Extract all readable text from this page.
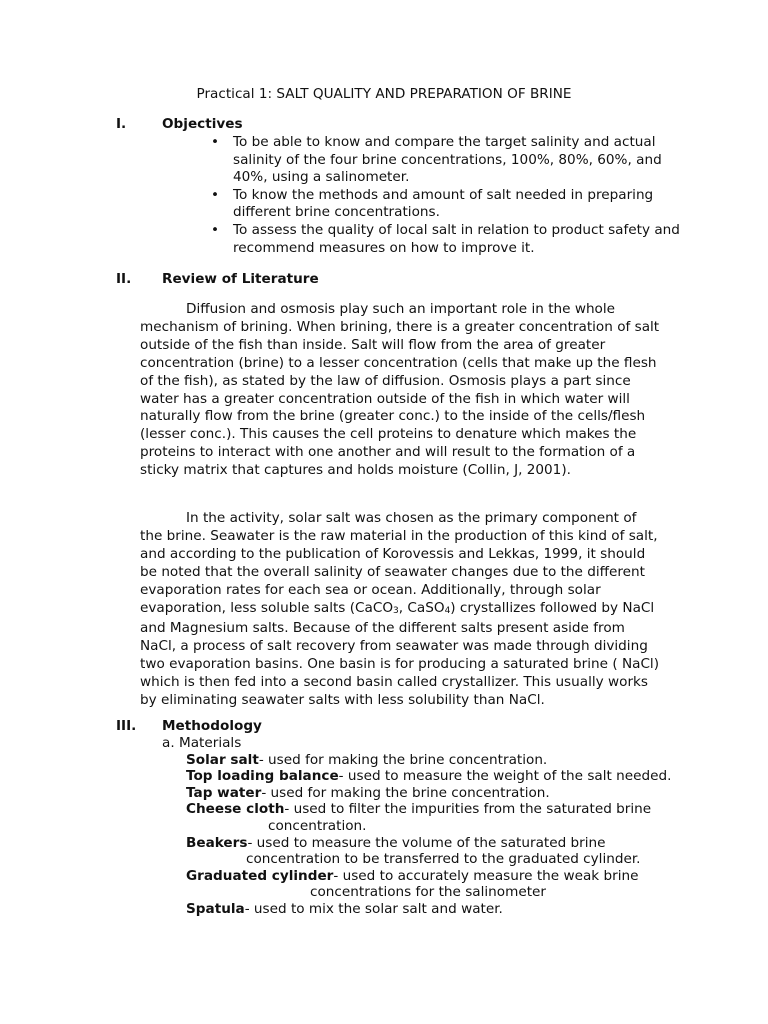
Practical 1: SALT QUALITY AND PREPARATION OF BRINE
I.	Objectives
• To be able to know and compare the target salinity and actual salinity of the four brine concentrations, 100%, 80%, 60%, and 40%, using a salinometer.
• To know the methods and amount of salt needed in preparing different brine concentrations.
• To assess the quality of local salt in relation to product safety and recommend measures on how to improve it.
II. Review of Literature

Diffusion and osmosis play such an important role in the whole mechanism of brining. When brining, there is a greater concentration of salt outside of the fish than inside. Salt will flow from the area of greater concentration (brine) to a lesser concentration (cells that make up the flesh of the fish), as stated by the law of diffusion. Osmosis plays a part since water has a greater concentration outside of the fish in which water will naturally flow from the brine (greater conc.) to the inside of the cells/flesh (lesser conc.). This causes the cell proteins to denature which makes the proteins to interact with one another and will result to the formation of a sticky matrix that captures and holds moisture (Collin, J, 2001).

In the activity, solar salt was chosen as the primary component of the brine. Seawater is the raw material in the production of this kind of salt, and according to the publication of Korovessis and Lekkas, 1999, it should be noted that the overall salinity of seawater changes due to the different evaporation rates for each sea or ocean. Additionally, through solar evaporation, less soluble salts (CaCO3, CaSO4) crystallizes followed by NaCl and Magnesium salts. Because of the different salts present aside from NaCl, a process of salt recovery from seawater was made through dividing two evaporation basins. One basin is for producing a saturated brine ( NaCl) which is then fed into a second basin called crystallizer. This usually works by eliminating seawater salts with less solubility than NaCl.

III. Methodology

a. Materials

Solar salt- used for making the brine concentration.

Top loading balance- used to measure the weight of the salt needed.

Tap water- used for making the brine concentration.

Cheese cloth- used to filter the impurities from the saturated brine
concentration.

Beakers- used to measure the volume of the saturated brine
concentration to be transferred to the graduated cylinder.

Graduated cylinder- used to accurately measure the weak brine
concentrations for the salinometer

Spatula- used to mix the solar salt and water.
